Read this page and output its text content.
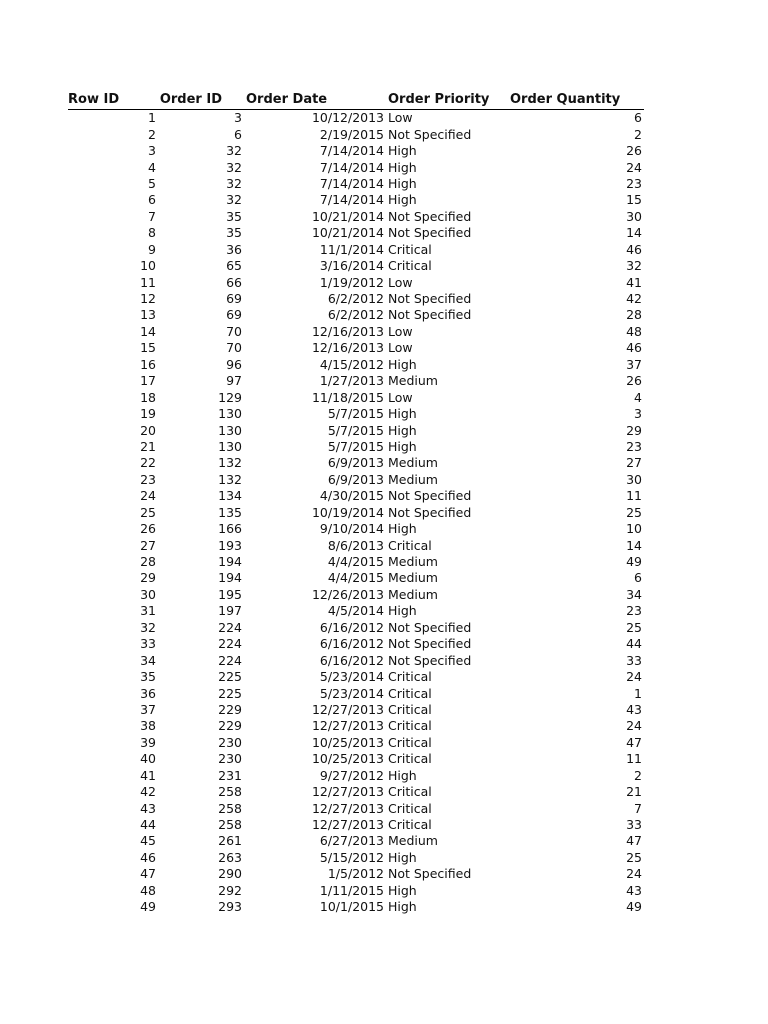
Row ID	Order ID	Order Date	Order Priority	Order Quantity
1	3	10/12/2013	Low	6
2	6	2/19/2015	Not Specified	2
3	32	7/14/2014	High	26
4	32	7/14/2014	High	24
5	32	7/14/2014	High	23
6	32	7/14/2014	High	15
7	35	10/21/2014	Not Specified	30
8	35	10/21/2014	Not Specified	14
9	36	11/1/2014	Critical	46
10	65	3/16/2014	Critical	32
11	66	1/19/2012	Low	41
12	69	6/2/2012	Not Specified	42
13	69	6/2/2012	Not Specified	28
14	70	12/16/2013	Low	48
15	70	12/16/2013	Low	46
16	96	4/15/2012	High	37
17	97	1/27/2013	Medium	26
18	129	11/18/2015	Low	4
19	130	5/7/2015	High	3
20	130	5/7/2015	High	29
21	130	5/7/2015	High	23
22	132	6/9/2013	Medium	27
23	132	6/9/2013	Medium	30
24	134	4/30/2015	Not Specified	11
25	135	10/19/2014	Not Specified	25
26	166	9/10/2014	High	10
27	193	8/6/2013	Critical	14
28	194	4/4/2015	Medium	49
29	194	4/4/2015	Medium	6
30	195	12/26/2013	Medium	34
31	197	4/5/2014	High	23
32	224	6/16/2012	Not Specified	25
33	224	6/16/2012	Not Specified	44
34	224	6/16/2012	Not Specified	33
35	225	5/23/2014	Critical	24
36	225	5/23/2014	Critical	1
37	229	12/27/2013	Critical	43
38	229	12/27/2013	Critical	24
39	230	10/25/2013	Critical	47
40	230	10/25/2013	Critical	11
41	231	9/27/2012	High	2
42	258	12/27/2013	Critical	21
43	258	12/27/2013	Critical	7
44	258	12/27/2013	Critical	33
45	261	6/27/2013	Medium	47
46	263	5/15/2012	High	25
47	290	1/5/2012	Not Specified	24
48	292	1/11/2015	High	43
49	293	10/1/2015	High	49
